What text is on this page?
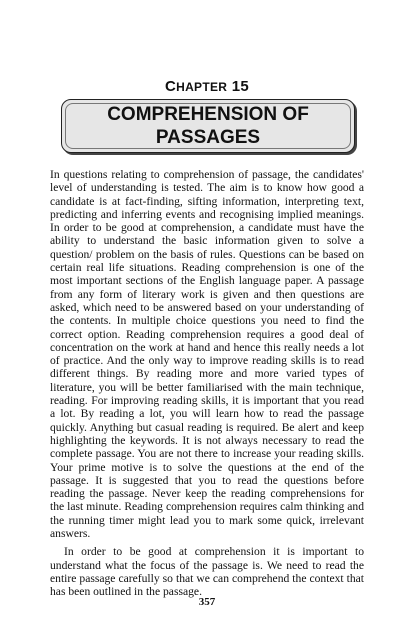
CHAPTER 15
COMPREHENSION OF
PASSAGES

In questions relating to comprehension of passage, the candidates' level of understanding is tested. The aim is to know how good a candidate is at fact-finding, sifting information, interpreting text, predicting and inferring events and recognising implied meanings. In order to be good at comprehension, a candidate must have the ability to understand the basic information given to solve a question/ problem on the basis of rules. Questions can be based on certain real life situations. Reading comprehension is one of the most important sections of the English language paper. A passage from any form of literary work is given and then questions are asked, which need to be answered based on your understanding of the contents. In multiple choice questions you need to find the correct option. Reading comprehension requires a good deal of concentration on the work at hand and hence this really needs a lot of practice. And the only way to improve reading skills is to read different things. By reading more and more varied types of literature, you will be better familiarised with the main technique, reading. For improving reading skills, it is important that you read a lot. By reading a lot, you will learn how to read the passage quickly. Anything but casual reading is required. Be alert and keep highlighting the keywords. It is not always necessary to read the complete passage. You are not there to increase your reading skills. Your prime motive is to solve the questions at the end of the passage. It is suggested that you to read the questions before reading the passage. Never keep the reading comprehensions for the last minute. Reading comprehension requires calm thinking and the running timer might lead you to mark some quick, irrelevant answers.

In order to be good at comprehension it is important to understand what the focus of the passage is. We need to read the entire passage carefully so that we can comprehend the context that has been outlined in the passage.

357
